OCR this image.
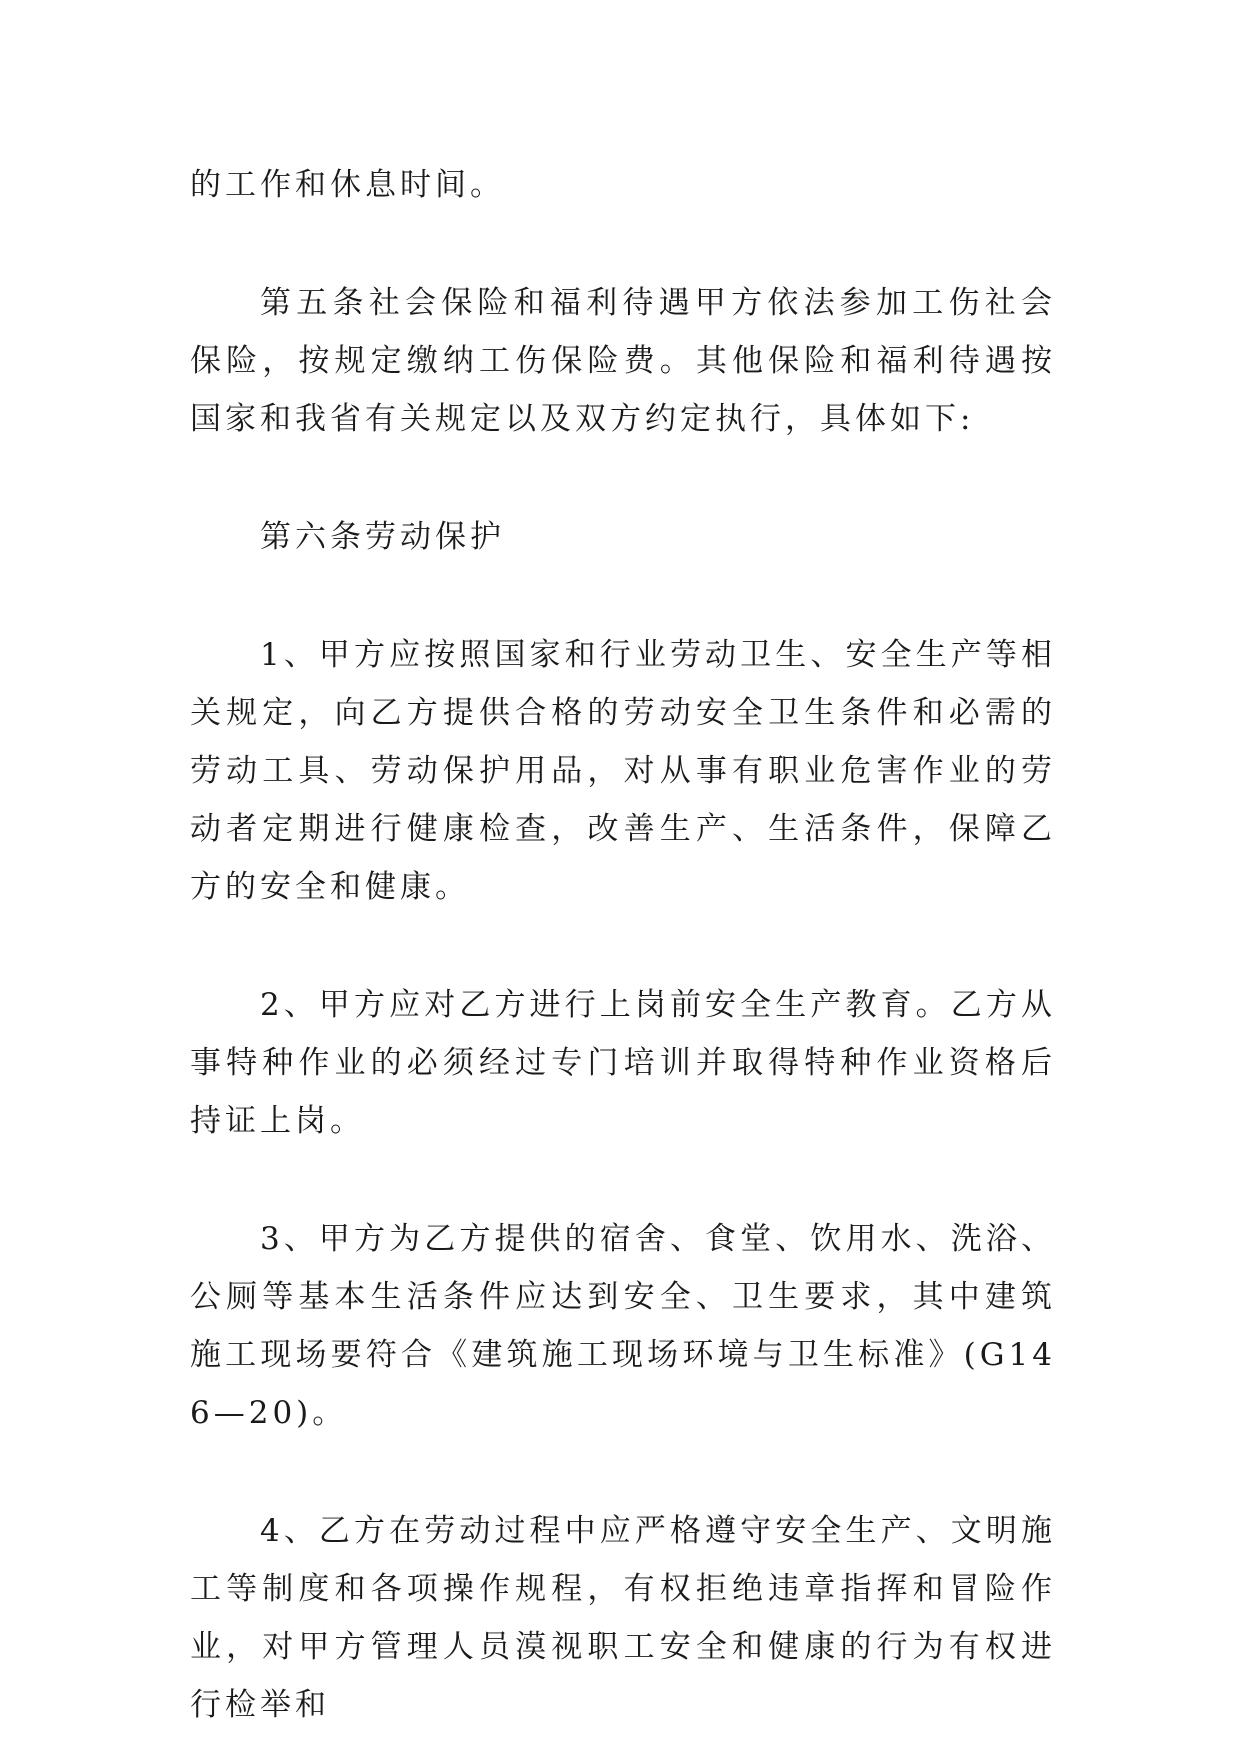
的工作和休息时间。

第五条社会保险和福利待遇甲方依法参加工伤社会保险，按规定缴纳工伤保险费。其他保险和福利待遇按国家和我省有关规定以及双方约定执行，具体如下:

第六条劳动保护

1、甲方应按照国家和行业劳动卫生、安全生产等相关规定，向乙方提供合格的劳动安全卫生条件和必需的劳动工具、劳动保护用品，对从事有职业危害作业的劳动者定期进行健康检查，改善生产、生活条件，保障乙方的安全和健康。

2、甲方应对乙方进行上岗前安全生产教育。乙方从事特种作业的必须经过专门培训并取得特种作业资格后持证上岗。

3、甲方为乙方提供的宿舍、食堂、饮用水、洗浴、公厕等基本生活条件应达到安全、卫生要求，其中建筑施工现场要符合《建筑施工现场环境与卫生标准》(G146—20)。

4、乙方在劳动过程中应严格遵守安全生产、文明施工等制度和各项操作规程，有权拒绝违章指挥和冒险作业，对甲方管理人员漠视职工安全和健康的行为有权进行检举和
